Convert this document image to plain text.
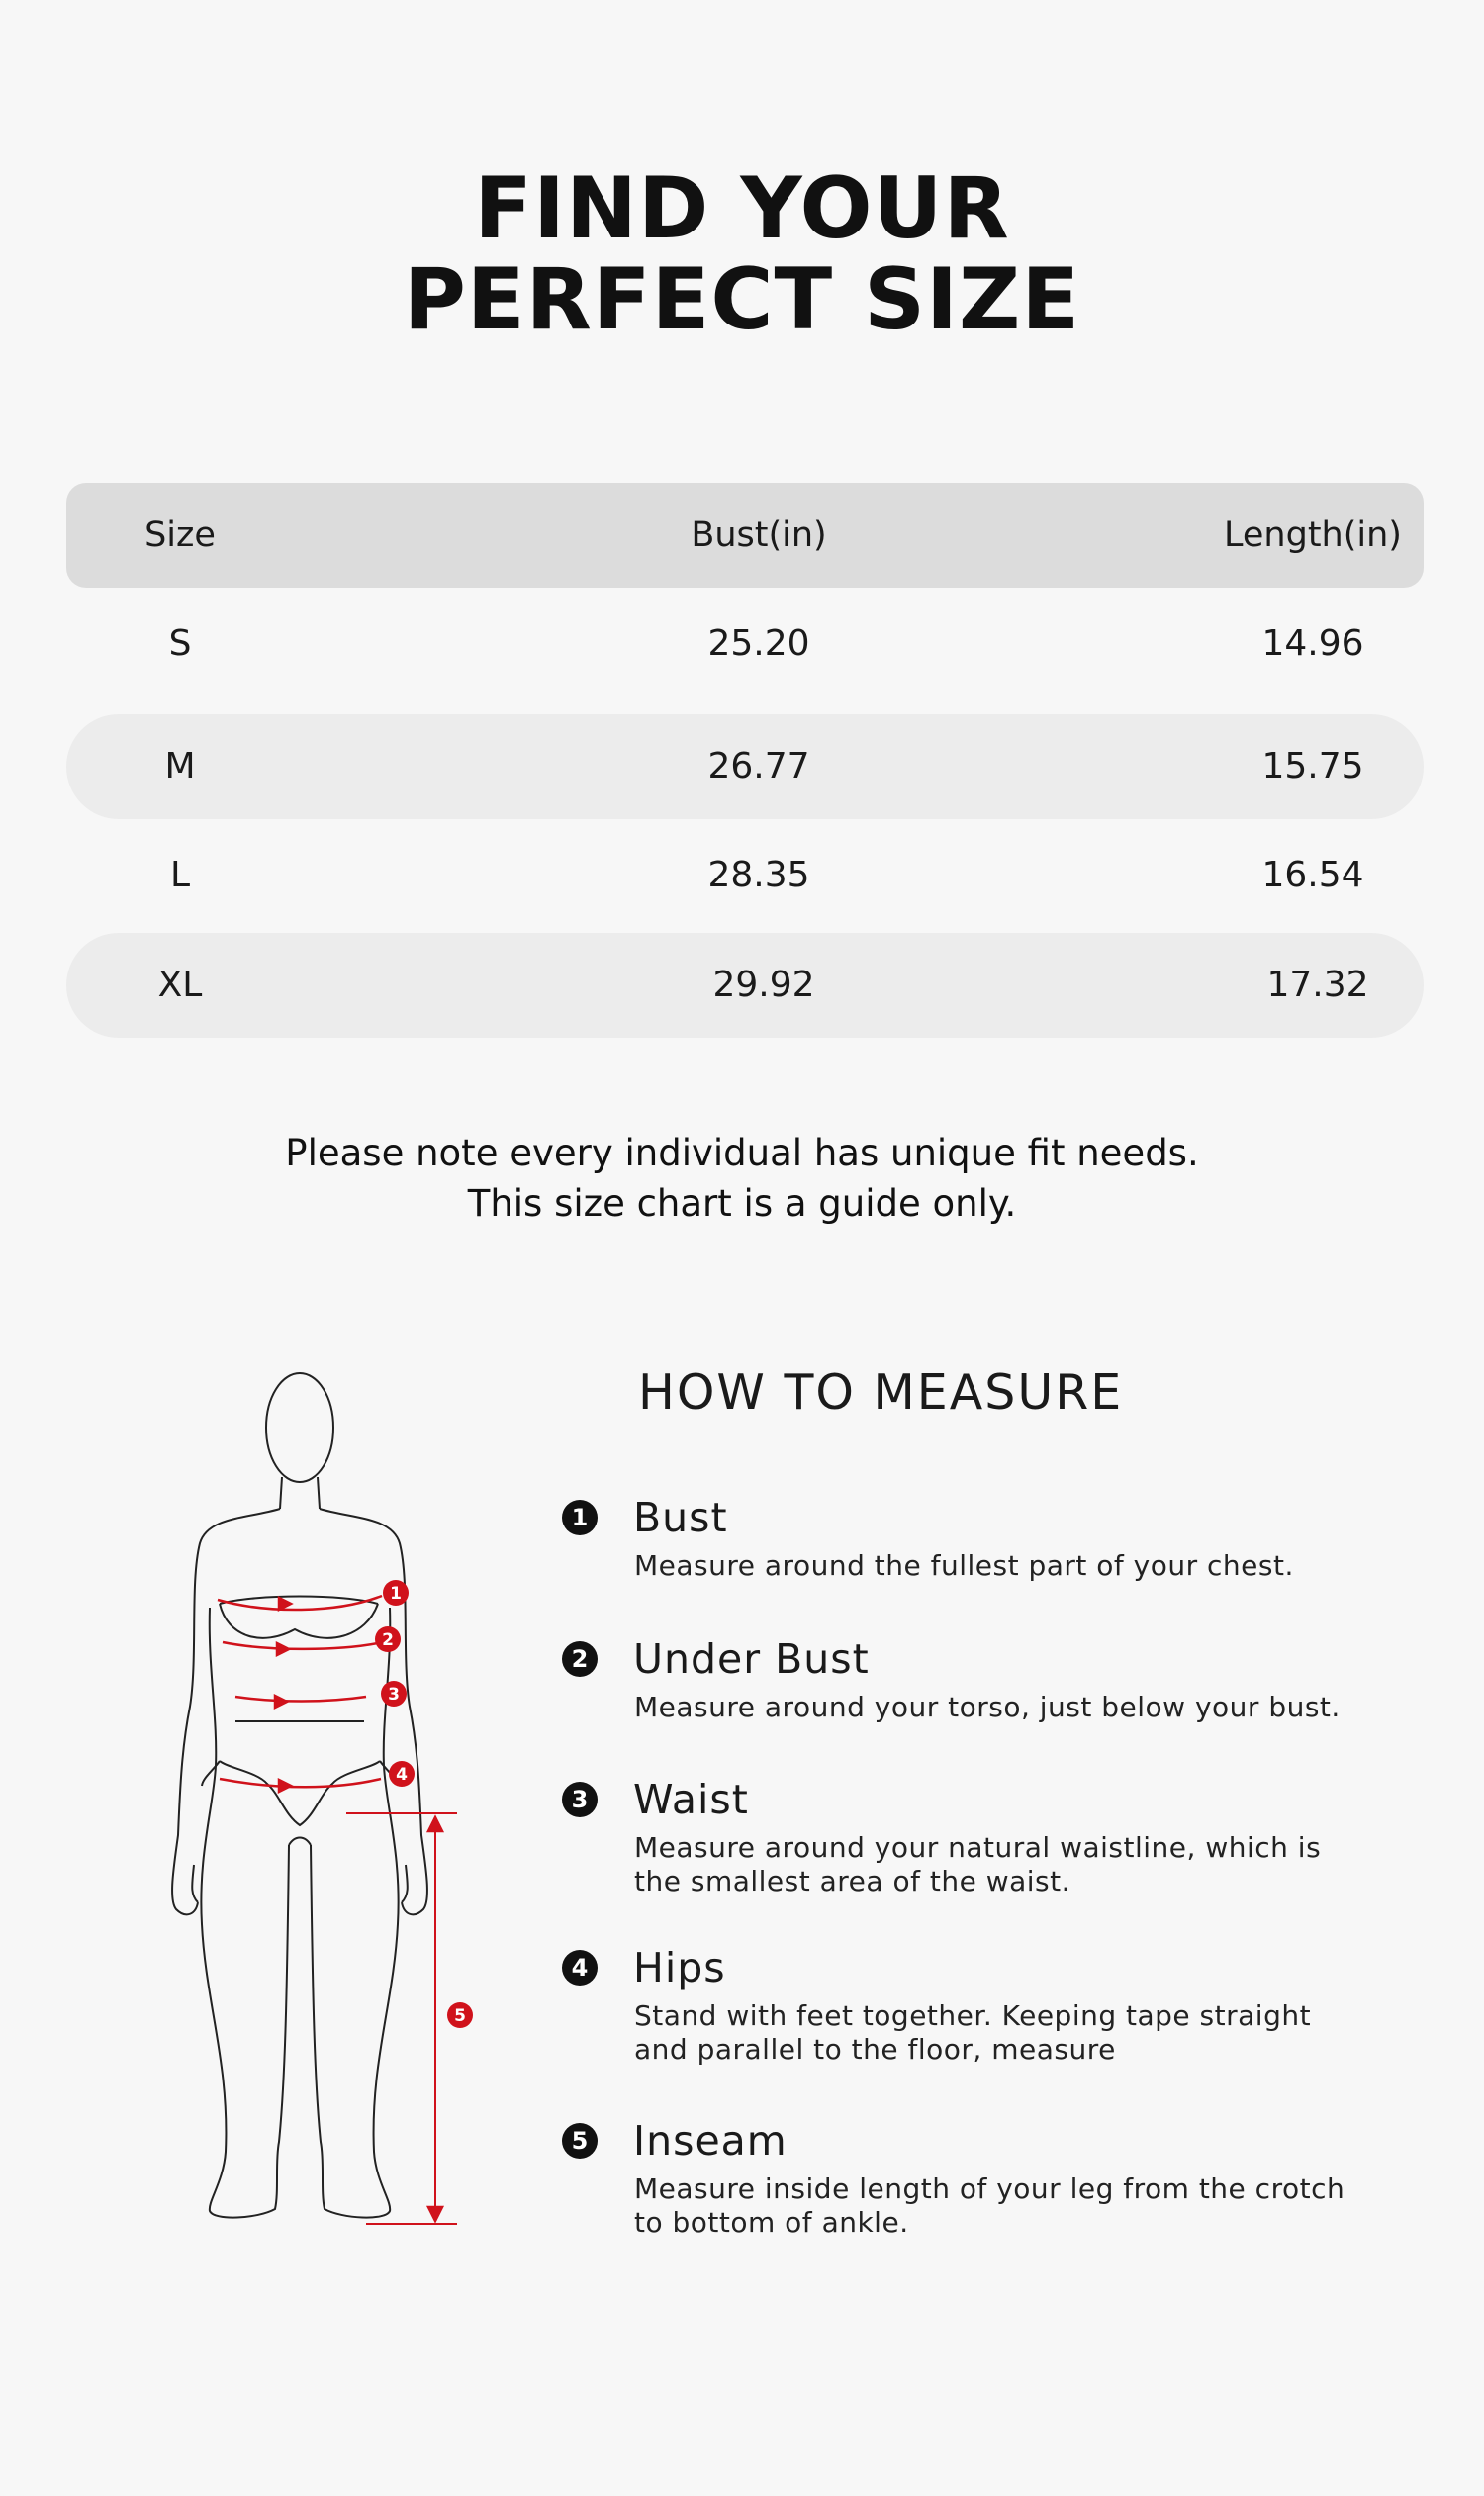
FIND YOUR
PERFECT SIZE
Size	Bust(in)	Length(in)
S	25.20	14.96
M	26.77	15.75
L	28.35	16.54
XL	29.92	17.32
Please note every individual has unique fit needs.
This size chart is a guide only.
1
2
3
4
5
HOW TO MEASURE
1 Bust
Measure around the fullest part of your chest.
2 Under Bust
Measure around your torso, just below your bust.
3 Waist
Measure around your natural waistline, which is the smallest area of the waist.
4 Hips
Stand with feet together. Keeping tape straight and parallel to the floor, measure
5 Inseam
Measure inside length of your leg from the crotch to bottom of ankle.
